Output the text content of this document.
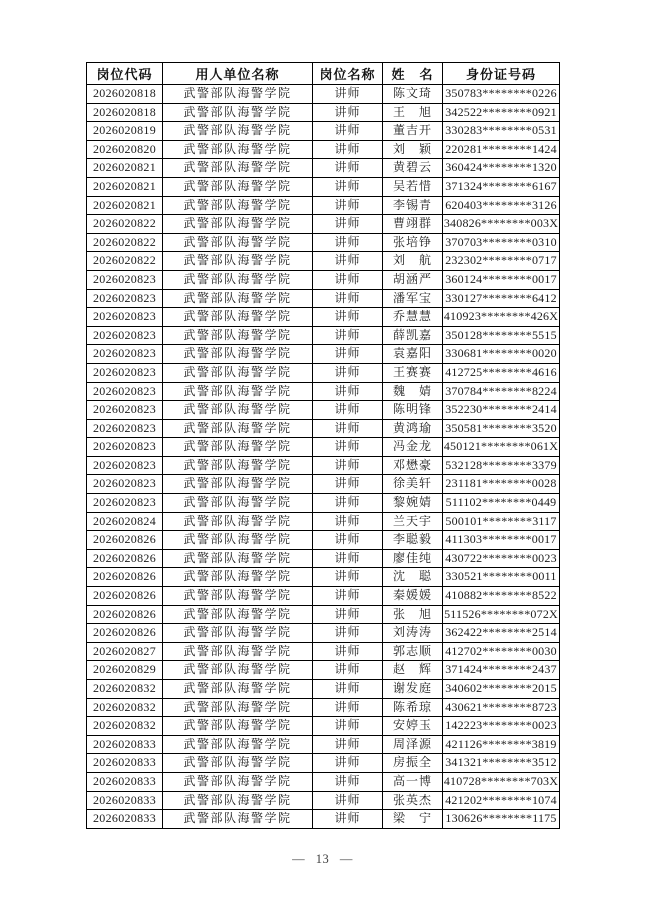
岗位代码	用人单位名称	岗位名称	姓　名	身份证号码
2026020818	武警部队海警学院	讲师	陈文琦	350783********0226
2026020818	武警部队海警学院	讲师	王　旭	342522********0921
2026020819	武警部队海警学院	讲师	董吉开	330283********0531
2026020820	武警部队海警学院	讲师	刘　颖	220281********1424
2026020821	武警部队海警学院	讲师	黄碧云	360424********1320
2026020821	武警部队海警学院	讲师	吴若惜	371324********6167
2026020821	武警部队海警学院	讲师	李锡青	620403********3126
2026020822	武警部队海警学院	讲师	曹翊群	340826********003X
2026020822	武警部队海警学院	讲师	张培铮	370703********0310
2026020822	武警部队海警学院	讲师	刘　航	232302********0717
2026020823	武警部队海警学院	讲师	胡涵严	360124********0017
2026020823	武警部队海警学院	讲师	潘军宝	330127********6412
2026020823	武警部队海警学院	讲师	乔慧慧	410923********426X
2026020823	武警部队海警学院	讲师	薛凯嘉	350128********5515
2026020823	武警部队海警学院	讲师	袁嘉阳	330681********0020
2026020823	武警部队海警学院	讲师	王赛赛	412725********4616
2026020823	武警部队海警学院	讲师	魏　婧	370784********8224
2026020823	武警部队海警学院	讲师	陈明锋	352230********2414
2026020823	武警部队海警学院	讲师	黄鸿瑜	350581********3520
2026020823	武警部队海警学院	讲师	冯金龙	450121********061X
2026020823	武警部队海警学院	讲师	邓懋豪	532128********3379
2026020823	武警部队海警学院	讲师	徐美轩	231181********0028
2026020823	武警部队海警学院	讲师	黎婉婧	511102********0449
2026020824	武警部队海警学院	讲师	兰天宇	500101********3117
2026020826	武警部队海警学院	讲师	李聪毅	411303********0017
2026020826	武警部队海警学院	讲师	廖佳纯	430722********0023
2026020826	武警部队海警学院	讲师	沈　聪	330521********0011
2026020826	武警部队海警学院	讲师	秦媛媛	410882********8522
2026020826	武警部队海警学院	讲师	张　旭	511526********072X
2026020826	武警部队海警学院	讲师	刘涛涛	362422********2514
2026020827	武警部队海警学院	讲师	郭志顺	412702********0030
2026020829	武警部队海警学院	讲师	赵　辉	371424********2437
2026020832	武警部队海警学院	讲师	谢发庭	340602********2015
2026020832	武警部队海警学院	讲师	陈希琼	430621********8723
2026020832	武警部队海警学院	讲师	安婷玉	142223********0023
2026020833	武警部队海警学院	讲师	周泽源	421126********3819
2026020833	武警部队海警学院	讲师	房振全	341321********3512
2026020833	武警部队海警学院	讲师	高一博	410728********703X
2026020833	武警部队海警学院	讲师	张英杰	421202********1074
2026020833	武警部队海警学院	讲师	梁　宁	130626********1175
— 13 —
